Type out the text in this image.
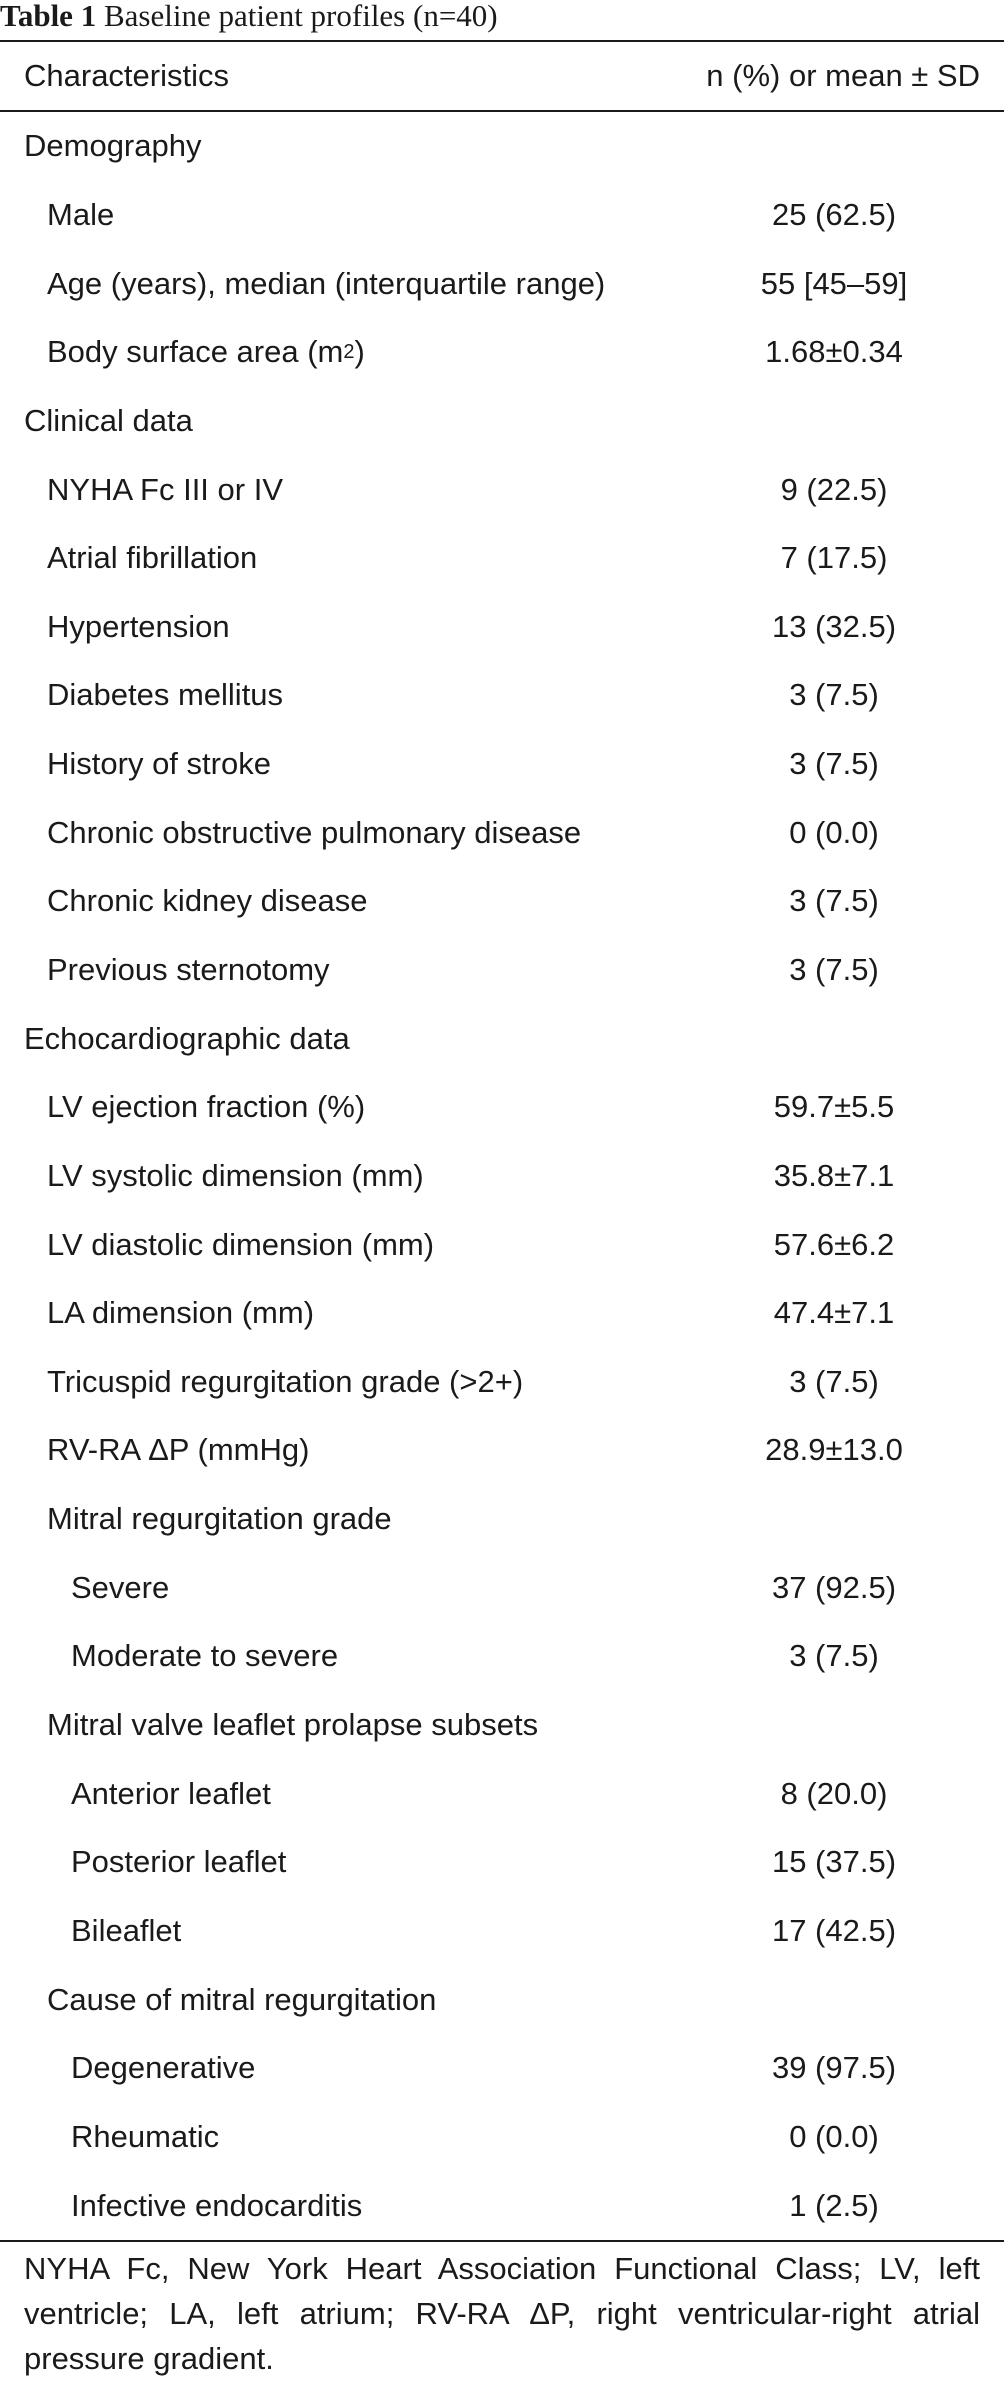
Table 1 Baseline patient profiles (n=40)
Characteristics	n (%) or mean ± SD
Demography
Male	25 (62.5)
Age (years), median (interquartile range)	55 [45–59]
Body surface area (m 2 )	1.68±0.34
Clinical data
NYHA Fc III or IV	9 (22.5)
Atrial fibrillation	7 (17.5)
Hypertension	13 (32.5)
Diabetes mellitus	3 (7.5)
History of stroke	3 (7.5)
Chronic obstructive pulmonary disease	0 (0.0)
Chronic kidney disease	3 (7.5)
Previous sternotomy	3 (7.5)
Echocardiographic data
LV ejection fraction (%)	59.7±5.5
LV systolic dimension (mm)	35.8±7.1
LV diastolic dimension (mm)	57.6±6.2
LA dimension (mm)	47.4±7.1
Tricuspid regurgitation grade (>2+)	3 (7.5)
RV-RA ΔP (mmHg)	28.9±13.0
Mitral regurgitation grade
Severe	37 (92.5)
Moderate to severe	3 (7.5)
Mitral valve leaflet prolapse subsets
Anterior leaflet	8 (20.0)
Posterior leaflet	15 (37.5)
Bileaflet	17 (42.5)
Cause of mitral regurgitation
Degenerative	39 (97.5)
Rheumatic	0 (0.0)
Infective endocarditis	1 (2.5)
NYHA Fc, New York Heart Association Functional Class; LV, left ventricle; LA, left atrium; RV-RA ΔP, right ventricular-right atrial pressure gradient.
